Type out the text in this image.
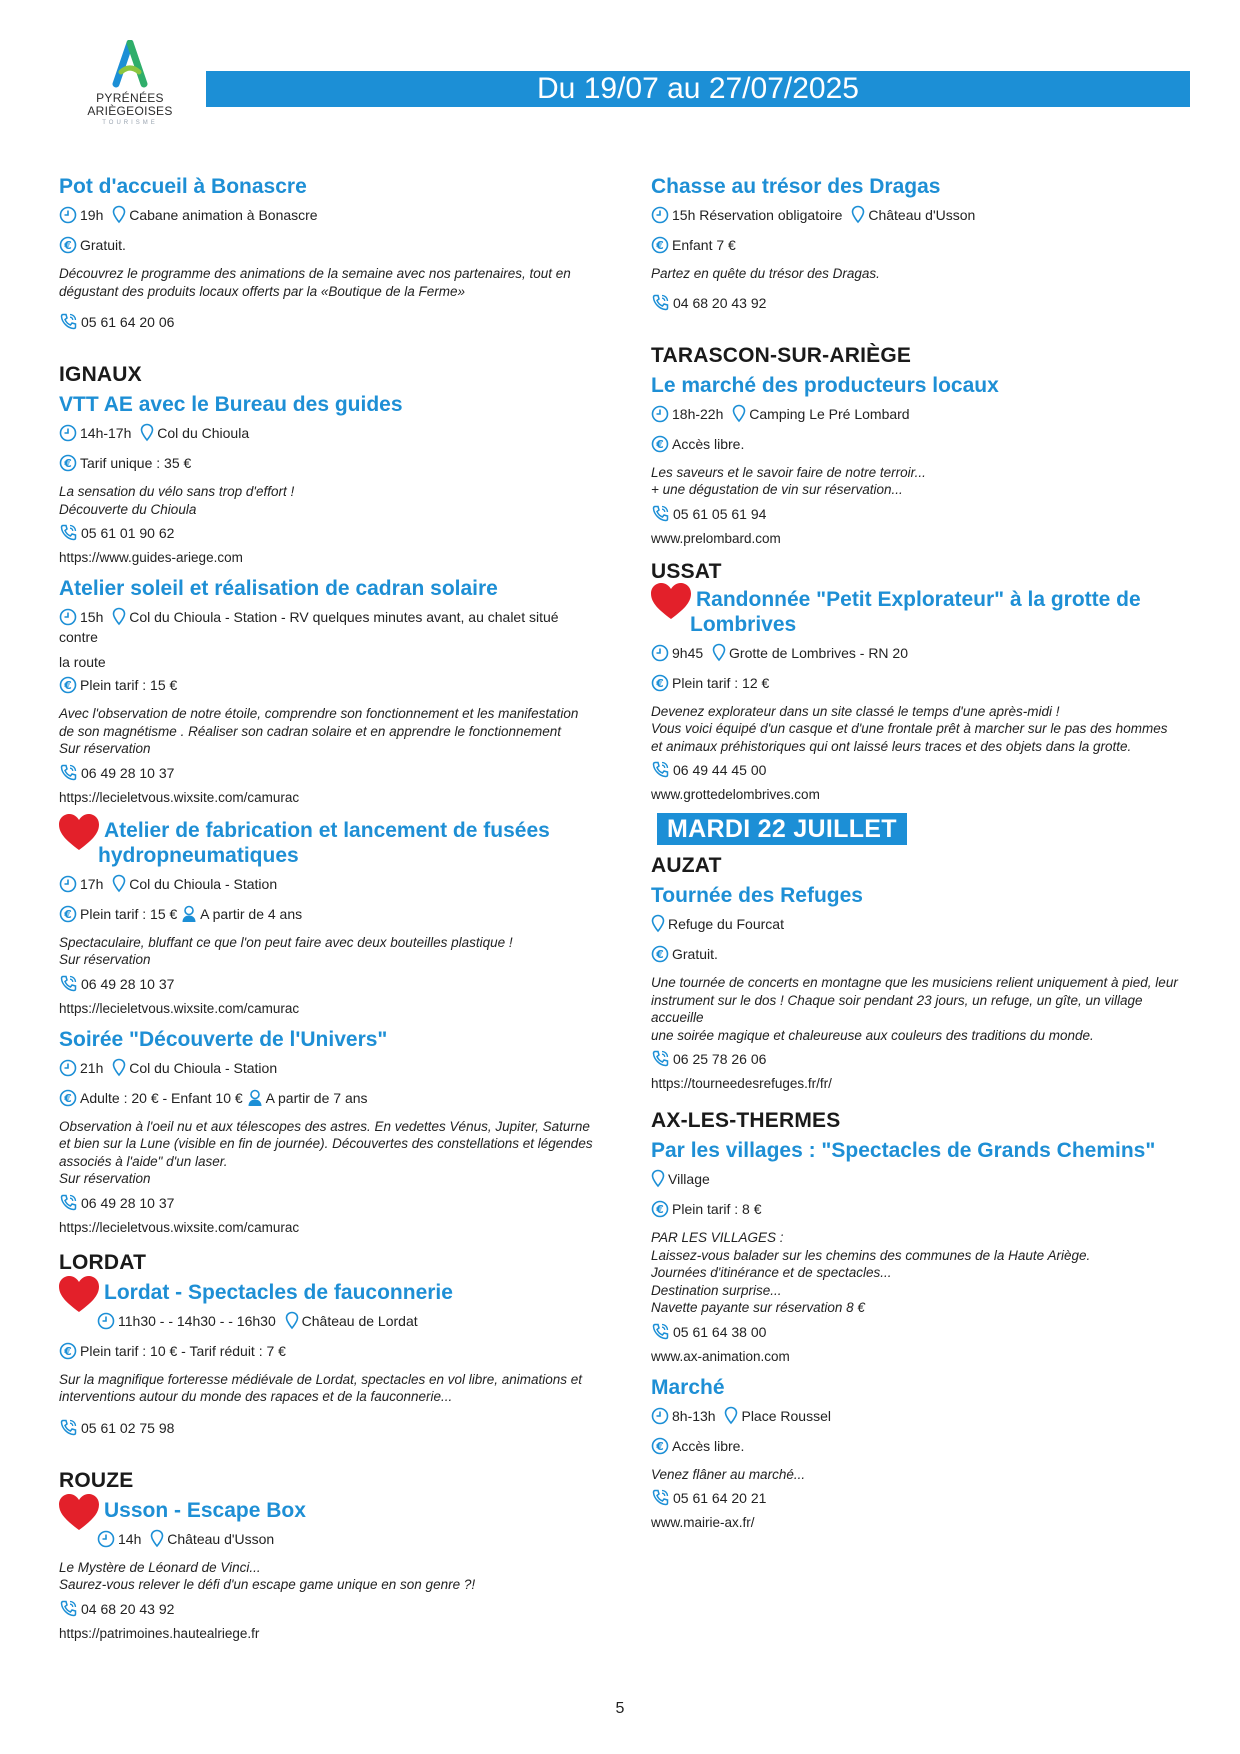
PYRÉNÉES
ARIÈGEOISES
TOURISME
Du 19/07 au 27/07/2025
Pot d'accueil à Bonascre
19h Cabane animation à Bonascre
€ Gratuit.
Découvrez le programme des animations de la semaine avec nos partenaires, tout en
dégustant des produits locaux offerts par la «Boutique de la Ferme»
05 61 64 20 06
IGNAUX
VTT AE avec le Bureau des guides
14h-17h Col du Chioula
€ Tarif unique : 35 €
La sensation du vélo sans trop d'effort !
Découverte du Chioula
05 61 01 90 62
https://www.guides-ariege.com
Atelier soleil et réalisation de cadran solaire
15h Col du Chioula - Station - RV quelques minutes avant, au chalet situé contre
la route
€ Plein tarif : 15 €
Avec l'observation de notre étoile, comprendre son fonctionnement et les manifestation
de son magnétisme . Réaliser son cadran solaire et en apprendre le fonctionnement
Sur réservation
06 49 28 10 37
https://lecieletvous.wixsite.com/camurac
Atelier de fabrication et lancement de fusées
hydropneumatiques
17h Col du Chioula - Station
€ Plein tarif : 15 € A partir de 4 ans
Spectaculaire, bluffant ce que l'on peut faire avec deux bouteilles plastique !
Sur réservation
06 49 28 10 37
https://lecieletvous.wixsite.com/camurac
Soirée "Découverte de l'Univers"
21h Col du Chioula - Station
€ Adulte : 20 € - Enfant 10 € A partir de 7 ans
Observation à l'oeil nu et aux télescopes des astres. En vedettes Vénus, Jupiter, Saturne
et bien sur la Lune (visible en fin de journée). Découvertes des constellations et légendes
associés à l'aide" d'un laser.
Sur réservation
06 49 28 10 37
https://lecieletvous.wixsite.com/camurac
LORDAT
Lordat - Spectacles de fauconnerie
11h30 - - 14h30 - - 16h30 Château de Lordat
€ Plein tarif : 10 € - Tarif réduit : 7 €
Sur la magnifique forteresse médiévale de Lordat, spectacles en vol libre, animations et
interventions autour du monde des rapaces et de la fauconnerie...
05 61 02 75 98
ROUZE
Usson - Escape Box
14h Château d'Usson
Le Mystère de Léonard de Vinci...
Saurez-vous relever le défi d'un escape game unique en son genre ?!
04 68 20 43 92
https://patrimoines.hautealriege.fr
Chasse au trésor des Dragas
15h Réservation obligatoire Château d'Usson
€ Enfant 7 €
Partez en quête du trésor des Dragas.
04 68 20 43 92
TARASCON-SUR-ARIÈGE
Le marché des producteurs locaux
18h-22h Camping Le Pré Lombard
€ Accès libre.
Les saveurs et le savoir faire de notre terroir...
+ une dégustation de vin sur réservation...
05 61 05 61 94
www.prelombard.com
USSAT
Randonnée "Petit Explorateur" à la grotte de
Lombrives
9h45 Grotte de Lombrives - RN 20
€ Plein tarif : 12 €
Devenez explorateur dans un site classé le temps d'une après-midi !
Vous voici équipé d'un casque et d'une frontale prêt à marcher sur le pas des hommes
et animaux préhistoriques qui ont laissé leurs traces et des objets dans la grotte.
06 49 44 45 00
www.grottedelombrives.com
MARDI 22 JUILLET
AUZAT
Tournée des Refuges
Refuge du Fourcat
€ Gratuit.
Une tournée de concerts en montagne que les musiciens relient uniquement à pied, leur
instrument sur le dos ! Chaque soir pendant 23 jours, un refuge, un gîte, un village accueille
une soirée magique et chaleureuse aux couleurs des traditions du monde.
06 25 78 26 06
https://tourneedesrefuges.fr/fr/
AX-LES-THERMES
Par les villages : "Spectacles de Grands Chemins"
Village
€ Plein tarif : 8 €
PAR LES VILLAGES :
Laissez-vous balader sur les chemins des communes de la Haute Ariège.
Journées d'itinérance et de spectacles...
Destination surprise...
Navette payante sur réservation 8 €
05 61 64 38 00
www.ax-animation.com
Marché
8h-13h Place Roussel
€ Accès libre.
Venez flâner au marché...
05 61 64 20 21
www.mairie-ax.fr/
5
